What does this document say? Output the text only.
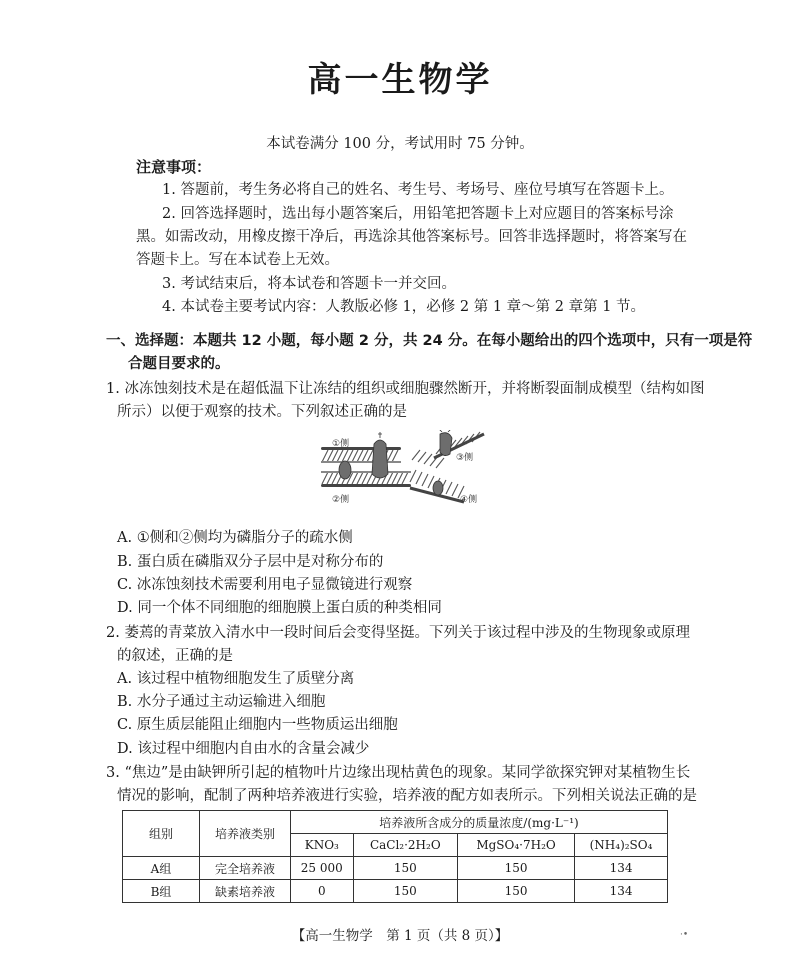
高一生物学
本试卷满分 100 分，考试用时 75 分钟。
注意事项：
1. 答题前，考生务必将自己的姓名、考生号、考场号、座位号填写在答题卡上。
2. 回答选择题时，选出每小题答案后，用铅笔把答题卡上对应题目的答案标号涂
黑。如需改动，用橡皮擦干净后，再选涂其他答案标号。回答非选择题时，将答案写在
答题卡上。写在本试卷上无效。
3. 考试结束后，将本试卷和答题卡一并交回。
4. 本试卷主要考试内容：人教版必修 1，必修 2 第 1 章～第 2 章第 1 节。
一、选择题：本题共 12 小题，每小题 2 分，共 24 分。在每小题给出的四个选项中，只有一项是符
合题目要求的。
1. 冰冻蚀刻技术是在超低温下让冻结的组织或细胞骤然断开，并将断裂面制成模型（结构如图
所示）以便于观察的技术。下列叙述正确的是
①侧
②侧
③侧
④侧
A. ①侧和②侧均为磷脂分子的疏水侧
B. 蛋白质在磷脂双分子层中是对称分布的
C. 冰冻蚀刻技术需要利用电子显微镜进行观察
D. 同一个体不同细胞的细胞膜上蛋白质的种类相同
2. 萎蔫的青菜放入清水中一段时间后会变得坚挺。下列关于该过程中涉及的生物现象或原理
的叙述，正确的是
A. 该过程中植物细胞发生了质壁分离
B. 水分子通过主动运输进入细胞
C. 原生质层能阻止细胞内一些物质运出细胞
D. 该过程中细胞内自由水的含量会减少
3. “焦边”是由缺钾所引起的植物叶片边缘出现枯黄色的现象。某同学欲探究钾对某植物生长
情况的影响，配制了两种培养液进行实验，培养液的配方如表所示。下列相关说法正确的是
组别	培养液类别	培养液所含成分的质量浓度/(mg·L⁻¹)			
		KNO₃	CaCl₂·2H₂O	MgSO₄·7H₂O	(NH₄)₂SO₄
A组	完全培养液	25 000	150	150	134
B组	缺素培养液	0	150	150	134
【高一生物学　第 1 页（共 8 页）】	·•
